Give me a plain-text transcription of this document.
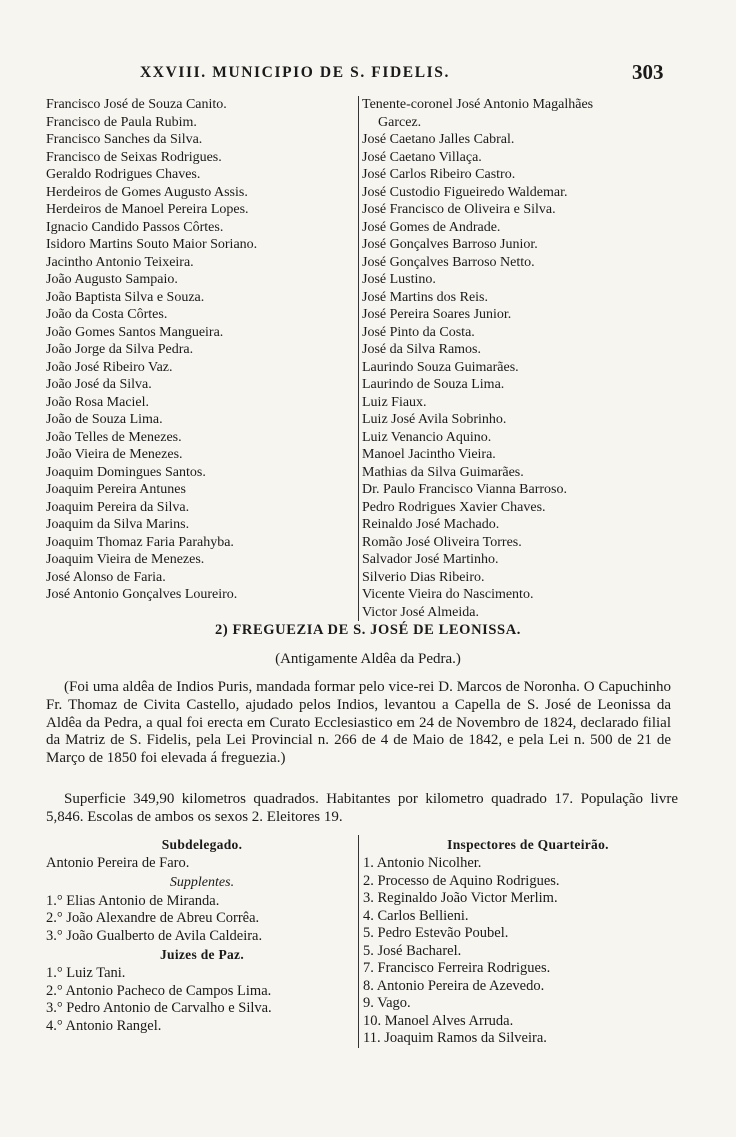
XXVIII. MUNICIPIO DE S. FIDELIS.	303
Francisco José de Souza Canito.
Francisco de Paula Rubim.
Francisco Sanches da Silva.
Francisco de Seixas Rodrigues.
Geraldo Rodrigues Chaves.
Herdeiros de Gomes Augusto Assis.
Herdeiros de Manoel Pereira Lopes.
Ignacio Candido Passos Côrtes.
Isidoro Martins Souto Maior Soriano.
Jacintho Antonio Teixeira.
João Augusto Sampaio.
João Baptista Silva e Souza.
João da Costa Côrtes.
João Gomes Santos Mangueira.
João Jorge da Silva Pedra.
João José Ribeiro Vaz.
João José da Silva.
João Rosa Maciel.
João de Souza Lima.
João Telles de Menezes.
João Vieira de Menezes.
Joaquim Domingues Santos.
Joaquim Pereira Antunes
Joaquim Pereira da Silva.
Joaquim da Silva Marins.
Joaquim Thomaz Faria Parahyba.
Joaquim Vieira de Menezes.
José Alonso de Faria.
José Antonio Gonçalves Loureiro.
Tenente-coronel José Antonio Magalhães
Garcez.
José Caetano Jalles Cabral.
José Caetano Villaça.
José Carlos Ribeiro Castro.
José Custodio Figueiredo Waldemar.
José Francisco de Oliveira e Silva.
José Gomes de Andrade.
José Gonçalves Barroso Junior.
José Gonçalves Barroso Netto.
José Lustino.
José Martins dos Reis.
José Pereira Soares Junior.
José Pinto da Costa.
José da Silva Ramos.
Laurindo Souza Guimarães.
Laurindo de Souza Lima.
Luiz Fiaux.
Luiz José Avila Sobrinho.
Luiz Venancio Aquino.
Manoel Jacintho Vieira.
Mathias da Silva Guimarães.
Dr. Paulo Francisco Vianna Barroso.
Pedro Rodrigues Xavier Chaves.
Reinaldo José Machado.
Romão José Oliveira Torres.
Salvador José Martinho.
Silverio Dias Ribeiro.
Vicente Vieira do Nascimento.
Victor José Almeida.
2) FREGUEZIA DE S. JOSÉ DE LEONISSA.
(Antigamente Aldêa da Pedra.)
(Foi uma aldêa de Indios Puris, mandada formar pelo vice-rei D. Marcos de Noronha. O Capuchinho Fr. Thomaz de Civita Castello, ajudado pelos Indios, levantou a Capella de S. José de Leonissa da Aldêa da Pedra, a qual foi erecta em Curato Ecclesiastico em 24 de Novembro de 1824, declarado filial da Matriz de S. Fidelis, pela Lei Provincial n. 266 de 4 de Maio de 1842, e pela Lei n. 500 de 21 de Março de 1850 foi elevada á freguezia.)
Superficie 349,90 kilometros quadrados. Habitantes por kilometro quadrado 17. População livre 5,846. Escolas de ambos os sexos 2. Eleitores 19.
Subdelegado.
Antonio Pereira de Faro.
Supplentes.
1.° Elias Antonio de Miranda.
2.° João Alexandre de Abreu Corrêa.
3.° João Gualberto de Avila Caldeira.
Juizes de Paz.
1.° Luiz Tani.
2.° Antonio Pacheco de Campos Lima.
3.° Pedro Antonio de Carvalho e Silva.
4.° Antonio Rangel.
Inspectores de Quarteirão.
1. Antonio Nicolher.
2. Processo de Aquino Rodrigues.
3. Reginaldo João Victor Merlim.
4. Carlos Bellieni.
5. Pedro Estevão Poubel.
5. José Bacharel.
7. Francisco Ferreira Rodrigues.
8. Antonio Pereira de Azevedo.
9. Vago.
10. Manoel Alves Arruda.
11. Joaquim Ramos da Silveira.
